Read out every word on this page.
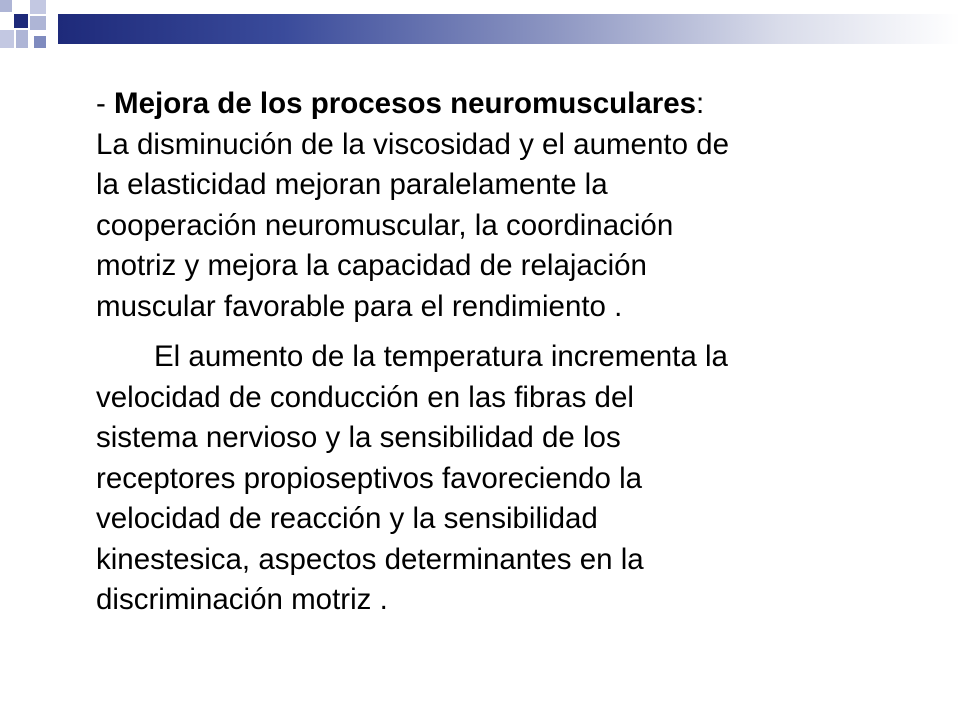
- Mejora de los procesos neuromusculares:
La disminución de la viscosidad y el aumento de
la elasticidad mejoran paralelamente la
cooperación neuromuscular, la coordinación
motriz y mejora la capacidad de relajación
muscular favorable para el rendimiento .
El aumento de la temperatura incrementa la
velocidad de conducción en las fibras del
sistema nervioso y la sensibilidad de los
receptores propioseptivos favoreciendo la
velocidad de reacción y la sensibilidad
kinestesica, aspectos determinantes en la
discriminación motriz .
